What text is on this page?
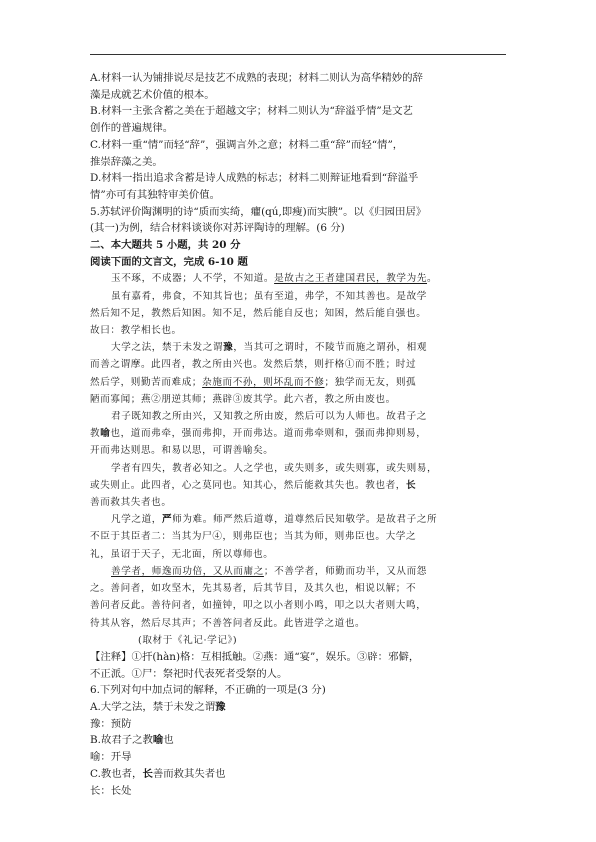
A.材料一认为铺排说尽是技艺不成熟的表现；材料二则认为高华精妙的辞
藻是成就艺术价值的根本。
B.材料一主张含蓄之美在于超越文字；材料二则认为“辞溢乎情”是文艺
创作的普遍规律。
C.材料一重“情”而轻“辞”，强调言外之意；材料二重“辞”而轻“情”，
推崇辞藻之美。
D.材料一指出追求含蓄是诗人成熟的标志；材料二则辩证地看到“辞溢乎
情”亦可有其独特审美价值。
5.苏轼评价陶渊明的诗“质而实绮，癯(qú,即瘦)而实腴”。以《归园田居》
(其一)为例，结合材料谈谈你对苏评陶诗的理解。(6 分)
二、本大题共 5 小题，共 20 分
阅读下面的文言文，完成 6-10 题
玉不琢，不成器；人不学，不知道。是故古之王者建国君民，教学为先。
虽有嘉肴，弗食，不知其旨也；虽有至道，弗学，不知其善也。是故学
然后知不足，教然后知困。知不足，然后能自反也；知困，然后能自强也。
故曰：教学相长也。
大学之法，禁于未发之谓豫，当其可之谓时，不陵节而施之谓孙，相观
而善之谓摩。此四者，教之所由兴也。发然后禁，则扞格①而不胜；时过
然后学，则勤苦而难成；杂施而不孙，则坏乱而不修；独学而无友，则孤
陋而寡闻；燕②朋逆其师；燕辟③废其学。此六者，教之所由废也。
君子既知教之所由兴，又知教之所由废，然后可以为人师也。故君子之
教喻也，道而弗牵，强而弗抑，开而弗达。道而弗牵则和，强而弗抑则易，
开而弗达则思。和易以思，可谓善喻矣。
学者有四失，教者必知之。人之学也，或失则多，或失则寡，或失则易，
或失则止。此四者，心之莫同也。知其心，然后能救其失也。教也者，长
善而救其失者也。
凡学之道，严师为难。师严然后道尊，道尊然后民知敬学。是故君子之所
不臣于其臣者二：当其为尸④，则弗臣也；当其为师，则弗臣也。大学之
礼，虽诏于天子，无北面，所以尊师也。
善学者，师逸而功倍，又从而庸之；不善学者，师勤而功半，又从而怨
之。善问者，如攻坚木，先其易者，后其节目，及其久也，相说以解；不
善问者反此。善待问者，如撞钟，叩之以小者则小鸣，叩之以大者则大鸣，
待其从容，然后尽其声；不善答问者反此。此皆进学之道也。
(取材于《礼记·学记》)
【注释】①扞(hàn)格：互相抵触。②燕：通“宴”，娱乐。③辟：邪僻，
不正派。①尸：祭祀时代表死者受祭的人。
6.下列对句中加点词的解释，不正确的一项是(3 分)
A.大学之法，禁于未发之谓豫
豫：预防
B.故君子之教喻也
喻：开导
C.教也者，长善而救其失者也
长：长处
